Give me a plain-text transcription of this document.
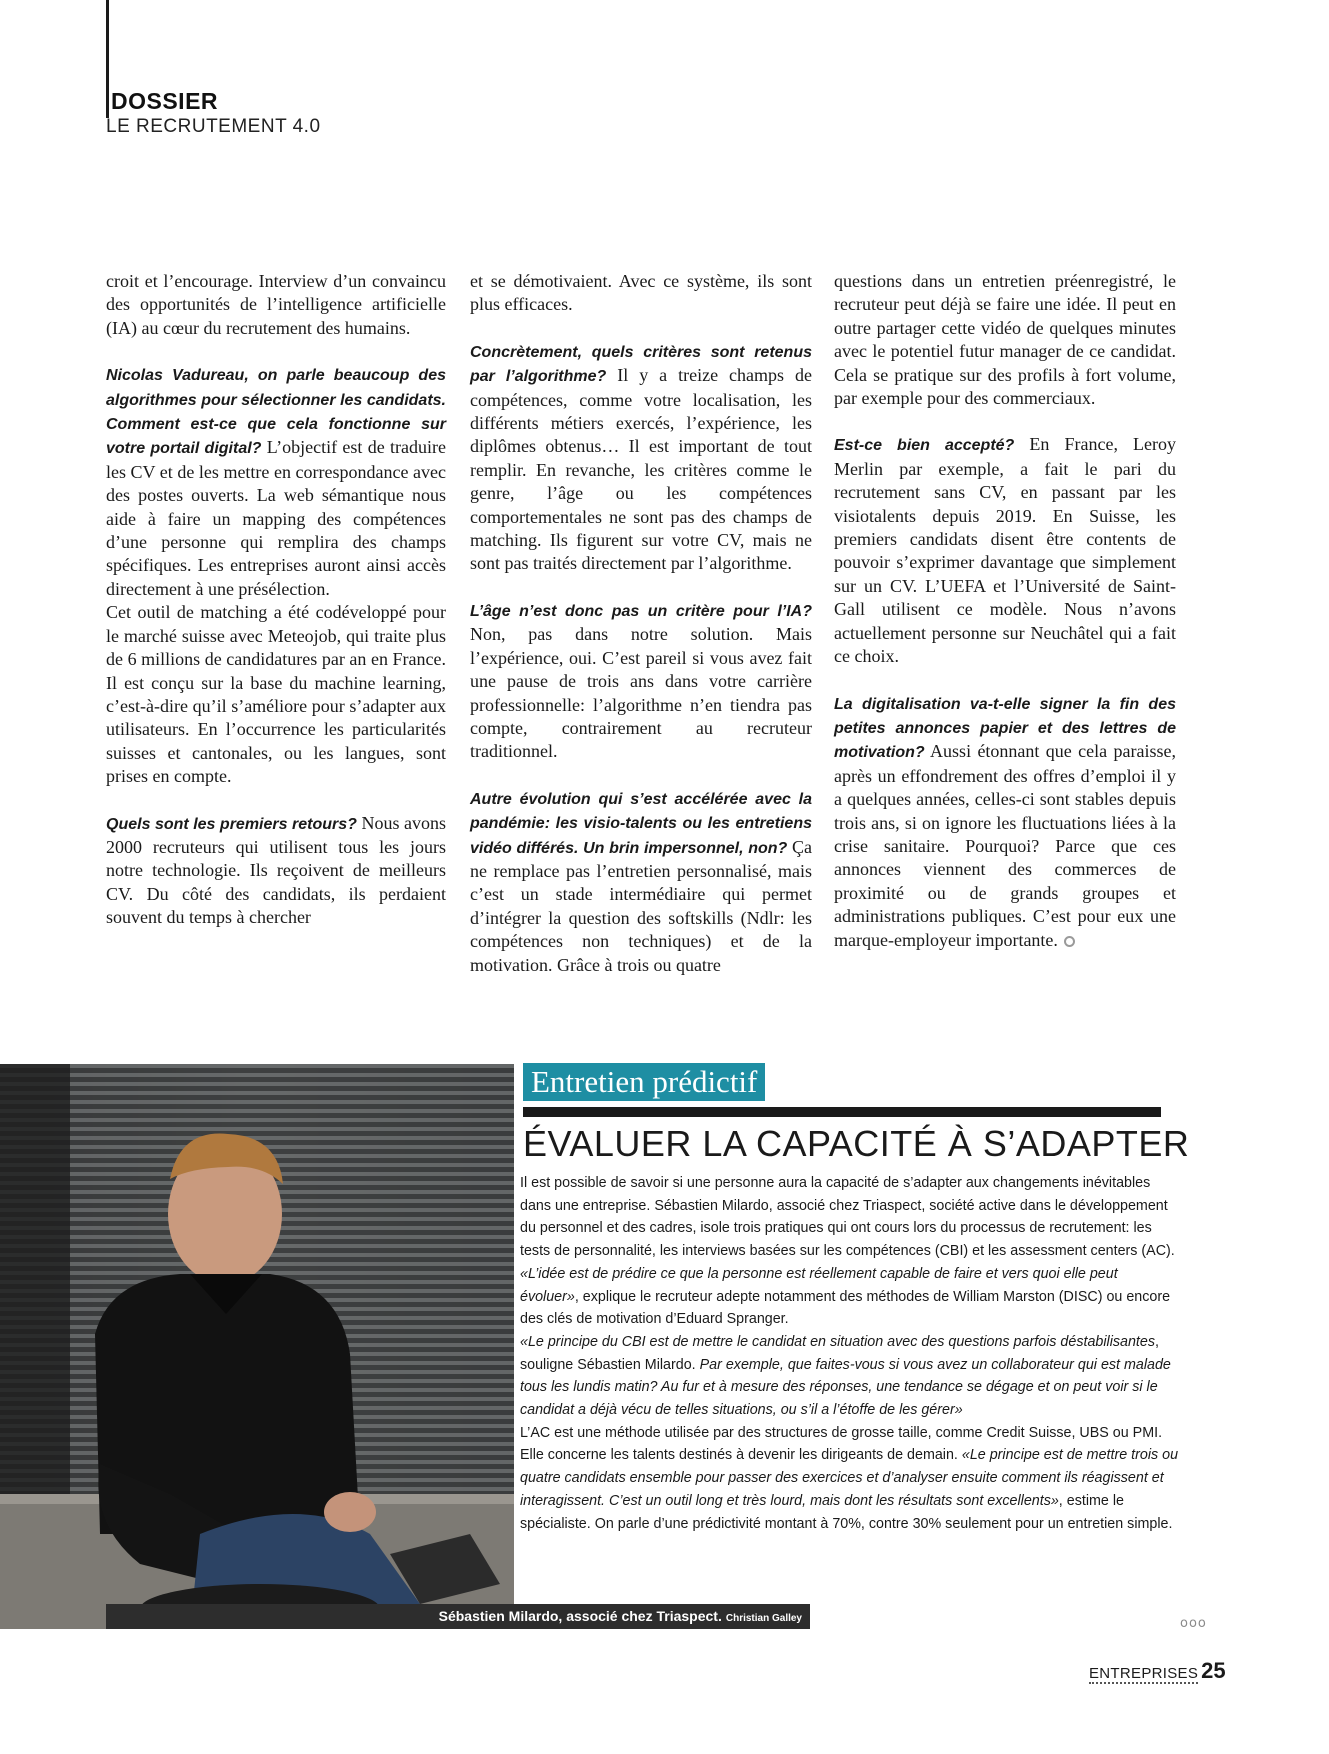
DOSSIER
LE RECRUTEMENT 4.0

croit et l’encourage. Interview d’un convaincu des opportunités de l’intelligence artificielle (IA) au cœur du recrutement des humains.

Nicolas Vadureau, on parle beaucoup des algorithmes pour sélectionner les candidats. Comment est-ce que cela fonctionne sur votre portail digital? L’objectif est de traduire les CV et de les mettre en correspondance avec des postes ouverts. La web sémantique nous aide à faire un mapping des compétences d’une personne qui remplira des champs spécifiques. Les entreprises auront ainsi accès directement à une présélection.

Cet outil de matching a été codéveloppé pour le marché suisse avec Meteojob, qui traite plus de 6 millions de candidatures par an en France. Il est conçu sur la base du machine learning, c’est-à-dire qu’il s’améliore pour s’adapter aux utilisateurs. En l’occurrence les particularités suisses et cantonales, ou les langues, sont prises en compte.

Quels sont les premiers retours? Nous avons 2000 recruteurs qui utilisent tous les jours notre technologie. Ils reçoivent de meilleurs CV. Du côté des candidats, ils perdaient souvent du temps à chercher

et se démotivaient. Avec ce système, ils sont plus efficaces.

Concrètement, quels critères sont retenus par l’algorithme? Il y a treize champs de compétences, comme votre localisation, les différents métiers exercés, l’expérience, les diplômes obtenus… Il est important de tout remplir. En revanche, les critères comme le genre, l’âge ou les compétences comportementales ne sont pas des champs de matching. Ils figurent sur votre CV, mais ne sont pas traités directement par l’algorithme.

L’âge n’est donc pas un critère pour l’IA? Non, pas dans notre solution. Mais l’expérience, oui. C’est pareil si vous avez fait une pause de trois ans dans votre carrière professionnelle: l’algorithme n’en tiendra pas compte, contrairement au recruteur traditionnel.

Autre évolution qui s’est accélérée avec la pandémie: les visio-talents ou les entretiens vidéo différés. Un brin impersonnel, non? Ça ne remplace pas l’entretien personnalisé, mais c’est un stade intermédiaire qui permet d’intégrer la question des softskills (Ndlr: les compétences non techniques) et de la motivation. Grâce à trois ou quatre

questions dans un entretien préenregistré, le recruteur peut déjà se faire une idée. Il peut en outre partager cette vidéo de quelques minutes avec le potentiel futur manager de ce candidat. Cela se pratique sur des profils à fort volume, par exemple pour des commerciaux.

Est-ce bien accepté? En France, Leroy Merlin par exemple, a fait le pari du recrutement sans CV, en passant par les visiotalents depuis 2019. En Suisse, les premiers candidats disent être contents de pouvoir s’exprimer davantage que simplement sur un CV. L’UEFA et l’Université de Saint-Gall utilisent ce modèle. Nous n’avons actuellement personne sur Neuchâtel qui a fait ce choix.

La digitalisation va-t-elle signer la fin des petites annonces papier et des lettres de motivation? Aussi étonnant que cela paraisse, après un effondrement des offres d’emploi il y a quelques années, celles-ci sont stables depuis trois ans, si on ignore les fluctuations liées à la crise sanitaire. Pourquoi? Parce que ces annonces viennent des commerces de proximité ou de grands groupes et administrations publiques. C’est pour eux une marque-employeur importante.

Sébastien Milardo, associé chez Triaspect. Christian Galley
Entretien prédictif
ÉVALUER LA CAPACITÉ À S’ADAPTER

Il est possible de savoir si une personne aura la capacité de s’adapter aux changements inévitables dans une entreprise. Sébastien Milardo, associé chez Triaspect, société active dans le développement du personnel et des cadres, isole trois pratiques qui ont cours lors du processus de recrutement: les tests de personnalité, les interviews basées sur les compétences (CBI) et les assessment centers (AC).

«L’idée est de prédire ce que la personne est réellement capable de faire et vers quoi elle peut évoluer», explique le recruteur adepte notamment des méthodes de William Marston (DISC) ou encore des clés de motivation d’Eduard Spranger.

«Le principe du CBI est de mettre le candidat en situation avec des questions parfois déstabilisantes, souligne Sébastien Milardo. Par exemple, que faites-vous si vous avez un collaborateur qui est malade tous les lundis matin? Au fur et à mesure des réponses, une tendance se dégage et on peut voir si le candidat a déjà vécu de telles situations, ou s’il a l’étoffe de les gérer»

L’AC est une méthode utilisée par des structures de grosse taille, comme Credit Suisse, UBS ou PMI. Elle concerne les talents destinés à devenir les dirigeants de demain. «Le principe est de mettre trois ou quatre candidats ensemble pour passer des exercices et d’analyser ensuite comment ils réagissent et interagissent. C’est un outil long et très lourd, mais dont les résultats sont excellents», estime le spécialiste. On parle d’une prédictivité montant à 70%, contre 30% seulement pour un entretien simple.

ooo
ENTREPRISES 25
